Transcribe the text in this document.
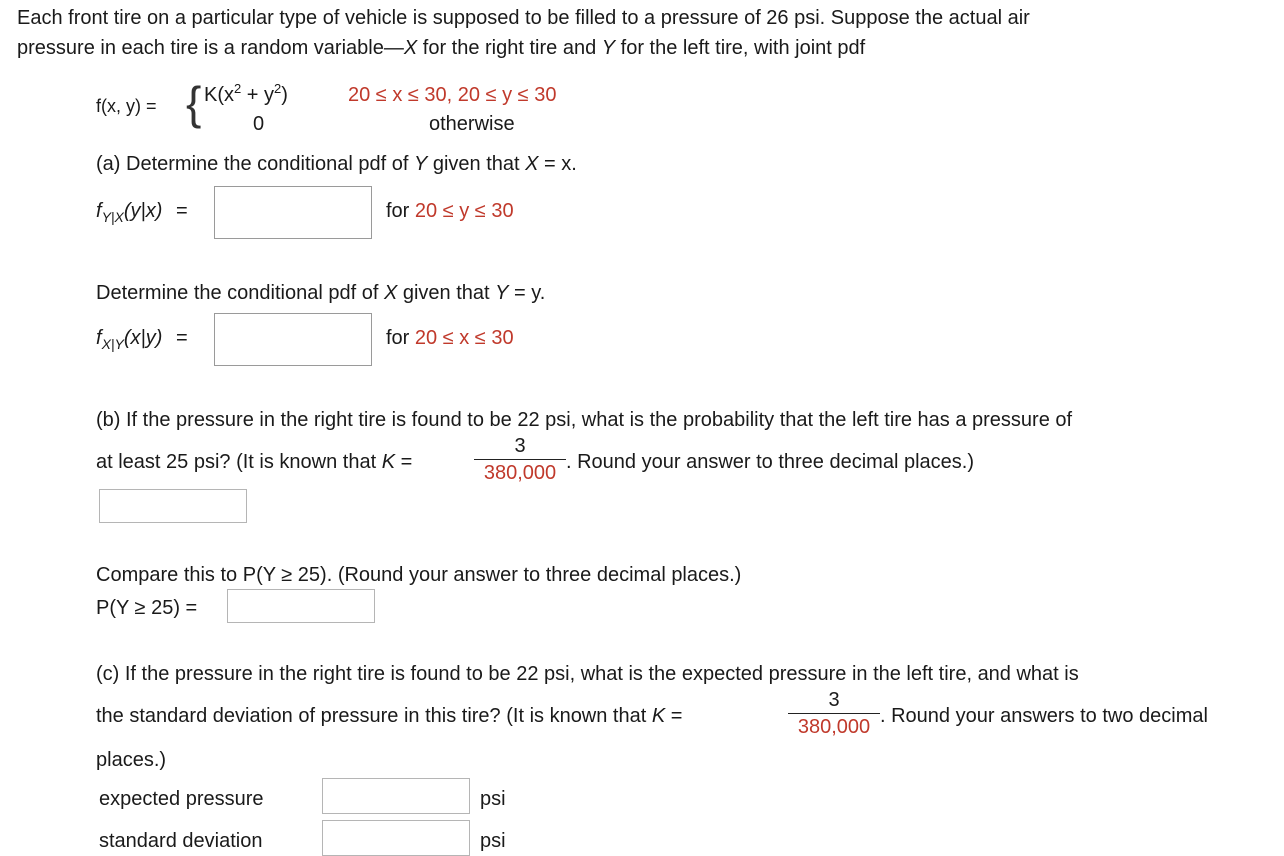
Each front tire on a particular type of vehicle is supposed to be filled to a pressure of 26 psi. Suppose the actual air
pressure in each tire is a random variable—X for the right tire and Y for the left tire, with joint pdf
f(x, y) = { $K(x^2 + y^2)$	20 ≤ x ≤ 30, 20 ≤ y ≤ 30
0	otherwise
(a) Determine the conditional pdf of Y given that X = x.
$f_{Y|X}(y|x)$ =	for 20 ≤ y ≤ 30
Determine the conditional pdf of X given that Y = y.
$f_{X|Y}(x|y)$ =	for 20 ≤ x ≤ 30
(b) If the pressure in the right tire is found to be 22 psi, what is the probability that the left tire has a pressure of
at least 25 psi? (It is known that K =
3
380,000 . Round your answer to three decimal places.)
Compare this to P(Y ≥ 25). (Round your answer to three decimal places.)
P(Y ≥ 25) =
(c) If the pressure in the right tire is found to be 22 psi, what is the expected pressure in the left tire, and what is
the standard deviation of pressure in this tire? (It is known that K =
3
380,000 . Round your answers to two decimal
places.)
expected pressure	psi
standard deviation	psi
